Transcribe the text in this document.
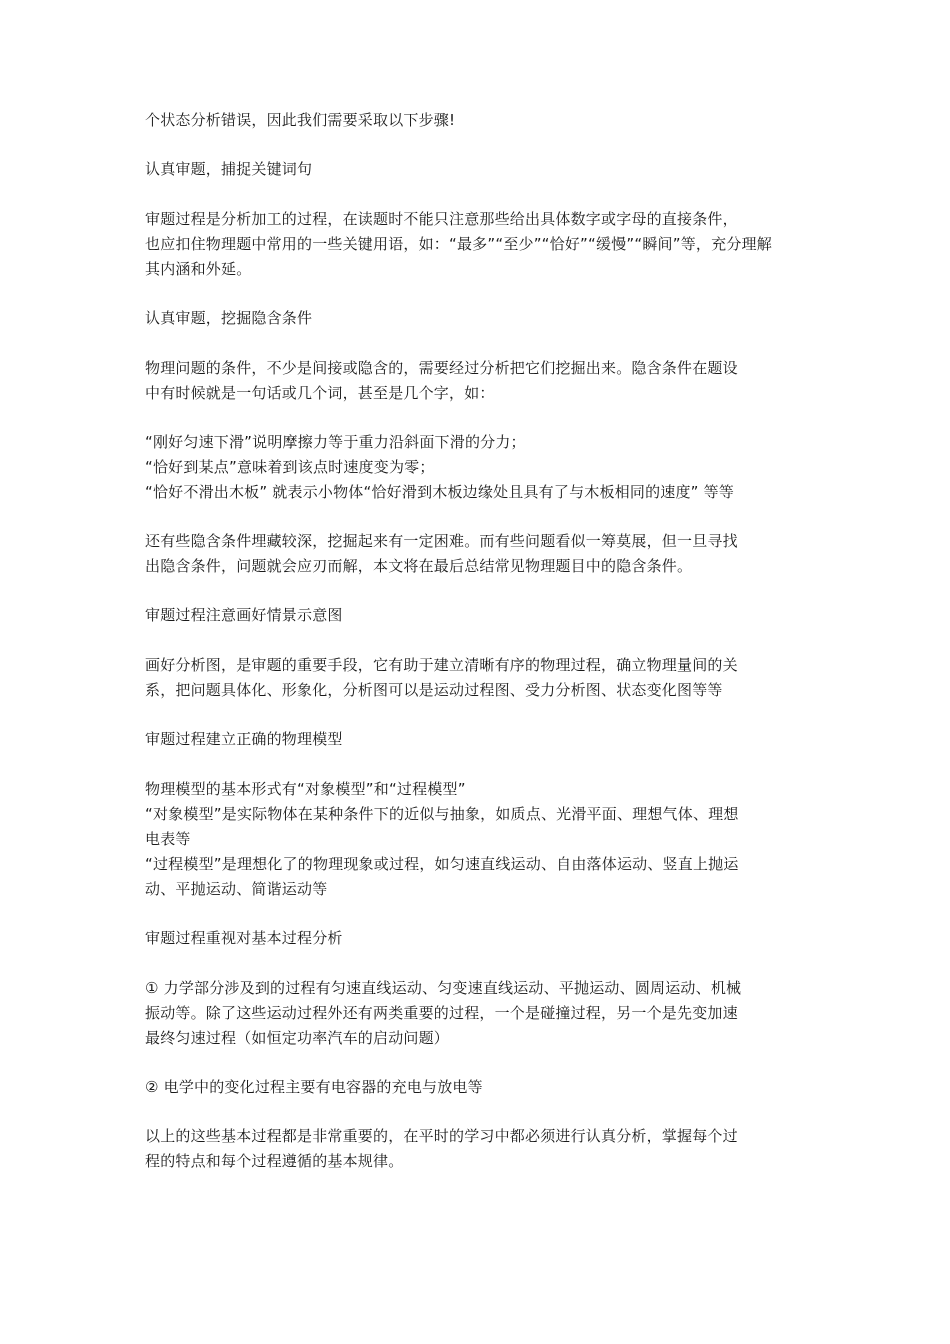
个状态分析错误，因此我们需要采取以下步骤!

认真审题，捕捉关键词句

审题过程是分析加工的过程，在读题时不能只注意那些给出具体数字或字母的直接条件，
也应扣住物理题中常用的一些关键用语，如：“最多”“至少”“恰好”“缓慢”“瞬间”等，充分理解
其内涵和外延。

认真审题，挖掘隐含条件

物理问题的条件，不少是间接或隐含的，需要经过分析把它们挖掘出来。隐含条件在题设
中有时候就是一句话或几个词，甚至是几个字，如：

“刚好匀速下滑”说明摩擦力等于重力沿斜面下滑的分力；
“恰好到某点”意味着到该点时速度变为零；
“恰好不滑出木板” 就表示小物体“恰好滑到木板边缘处且具有了与木板相同的速度” 等等

还有些隐含条件埋藏较深，挖掘起来有一定困难。而有些问题看似一筹莫展，但一旦寻找
出隐含条件，问题就会应刃而解，本文将在最后总结常见物理题目中的隐含条件。

审题过程注意画好情景示意图

画好分析图，是审题的重要手段，它有助于建立清晰有序的物理过程，确立物理量间的关
系，把问题具体化、形象化，分析图可以是运动过程图、受力分析图、状态变化图等等

审题过程建立正确的物理模型

物理模型的基本形式有“对象模型”和“过程模型”
“对象模型”是实际物体在某种条件下的近似与抽象，如质点、光滑平面、理想气体、理想
电表等
“过程模型”是理想化了的物理现象或过程，如匀速直线运动、自由落体运动、竖直上抛运
动、平抛运动、简谐运动等

审题过程重视对基本过程分析

① 力学部分涉及到的过程有匀速直线运动、匀变速直线运动、平抛运动、圆周运动、机械
振动等。除了这些运动过程外还有两类重要的过程，一个是碰撞过程，另一个是先变加速
最终匀速过程（如恒定功率汽车的启动问题）

② 电学中的变化过程主要有电容器的充电与放电等

以上的这些基本过程都是非常重要的，在平时的学习中都必须进行认真分析，掌握每个过
程的特点和每个过程遵循的基本规律。
